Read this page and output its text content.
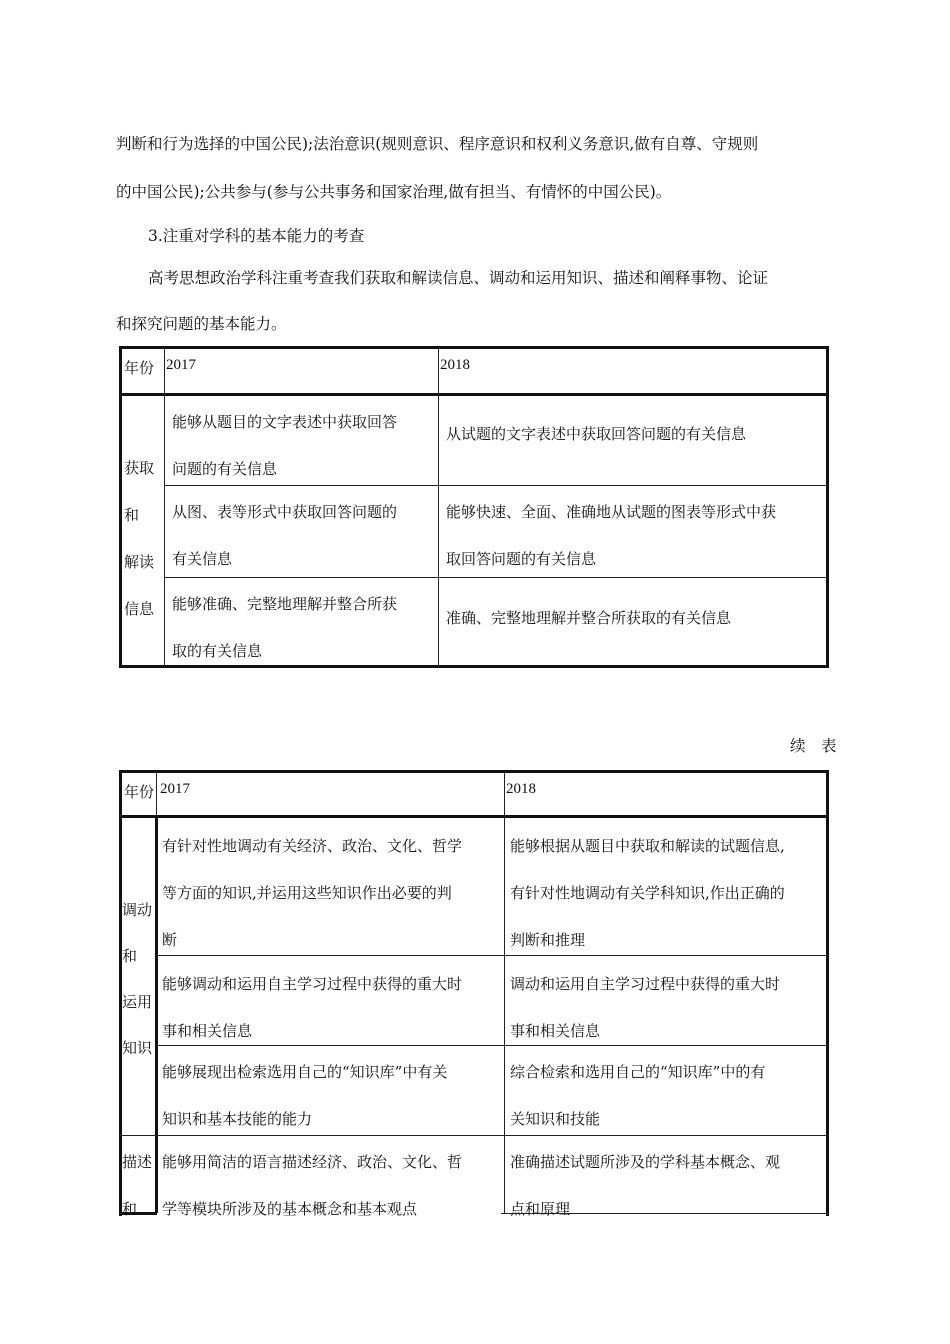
判断和行为选择的中国公民);法治意识(规则意识、程序意识和权利义务意识,做有自尊、守规则
的中国公民);公共参与(参与公共事务和国家治理,做有担当、有情怀的中国公民)。
3.注重对学科的基本能力的考查
高考思想政治学科注重考查我们获取和解读信息、调动和运用知识、描述和阐释事物、论证
和探究问题的基本能力。
年份 2017	2018
获取
和
解读
信息
能够从题目的文字表述中获取回答
问题的有关信息
从试题的文字表述中获取回答问题的有关信息
从图、表等形式中获取回答问题的
有关信息
能够快速、全面、准确地从试题的图表等形式中获
取回答问题的有关信息
能够准确、完整地理解并整合所获
取的有关信息
准确、完整地理解并整合所获取的有关信息
续　表
年份 2017	2018
调动
和
运用
知识
有针对性地调动有关经济、政治、文化、哲学
等方面的知识,并运用这些知识作出必要的判
断
能够根据从题目中获取和解读的试题信息,
有针对性地调动有关学科知识,作出正确的
判断和推理
能够调动和运用自主学习过程中获得的重大时
事和相关信息
调动和运用自主学习过程中获得的重大时
事和相关信息
能够展现出检索选用自己的“知识库”中有关
知识和基本技能的能力
综合检索和选用自己的“知识库”中的有
关知识和技能
描述
和
能够用简洁的语言描述经济、政治、文化、哲
学等模块所涉及的基本概念和基本观点
准确描述试题所涉及的学科基本概念、观
点和原理
